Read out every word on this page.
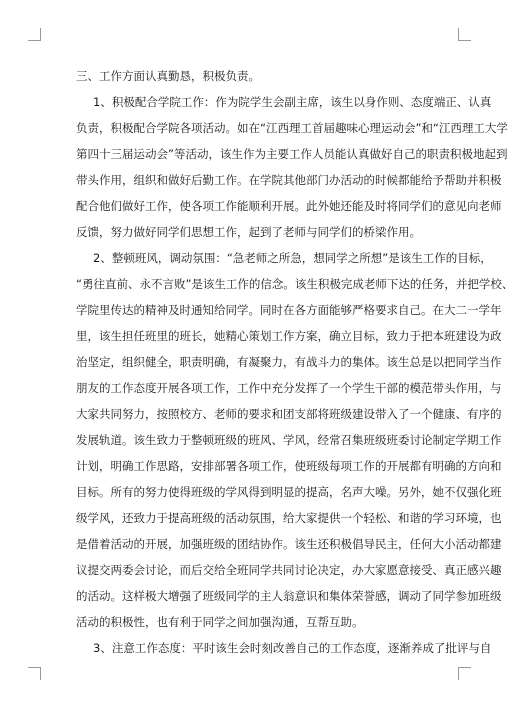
三、工作方面认真勤恳，积极负责。

1、积极配合学院工作：作为院学生会副主席，该生以身作则、态度端正、认真
负责，积极配合学院各项活动。如在“江西理工首届趣味心理运动会”和“江西理工大学
第四十三届运动会”等活动，该生作为主要工作人员能认真做好自己的职责积极地起到
带头作用，组织和做好后勤工作。在学院其他部门办活动的时候都能给予帮助并积极
配合他们做好工作，使各项工作能顺利开展。此外她还能及时将同学们的意见向老师
反馈，努力做好同学们思想工作，起到了老师与同学们的桥梁作用。
2、整顿班风，调动氛围：“急老师之所急，想同学之所想”是该生工作的目标，
“勇往直前、永不言败”是该生工作的信念。该生积极完成老师下达的任务，并把学校、
学院里传达的精神及时通知给同学。同时在各方面能够严格要求自己。在大二一学年
里，该生担任班里的班长，她精心策划工作方案，确立目标，致力于把本班建设为政
治坚定，组织健全，职责明确，有凝聚力，有战斗力的集体。该生总是以把同学当作
朋友的工作态度开展各项工作，工作中充分发挥了一个学生干部的模范带头作用，与
大家共同努力，按照校方、老师的要求和团支部将班级建设带入了一个健康、有序的
发展轨道。该生致力于整顿班级的班风、学风，经常召集班级班委讨论制定学期工作
计划，明确工作思路，安排部署各项工作，使班级每项工作的开展都有明确的方向和
目标。所有的努力使得班级的学风得到明显的提高，名声大噪。另外，她不仅强化班
级学风，还致力于提高班级的活动氛围，给大家提供一个轻松、和谐的学习环境，也
是借着活动的开展，加强班级的团结协作。该生还积极倡导民主，任何大小活动都建
议提交两委会讨论，而后交给全班同学共同讨论决定，办大家愿意接受、真正感兴趣
的活动。这样极大增强了班级同学的主人翁意识和集体荣誉感，调动了同学参加班级
活动的积极性，也有利于同学之间加强沟通，互帮互助。
3、注意工作态度：平时该生会时刻改善自己的工作态度，逐渐养成了批评与自
